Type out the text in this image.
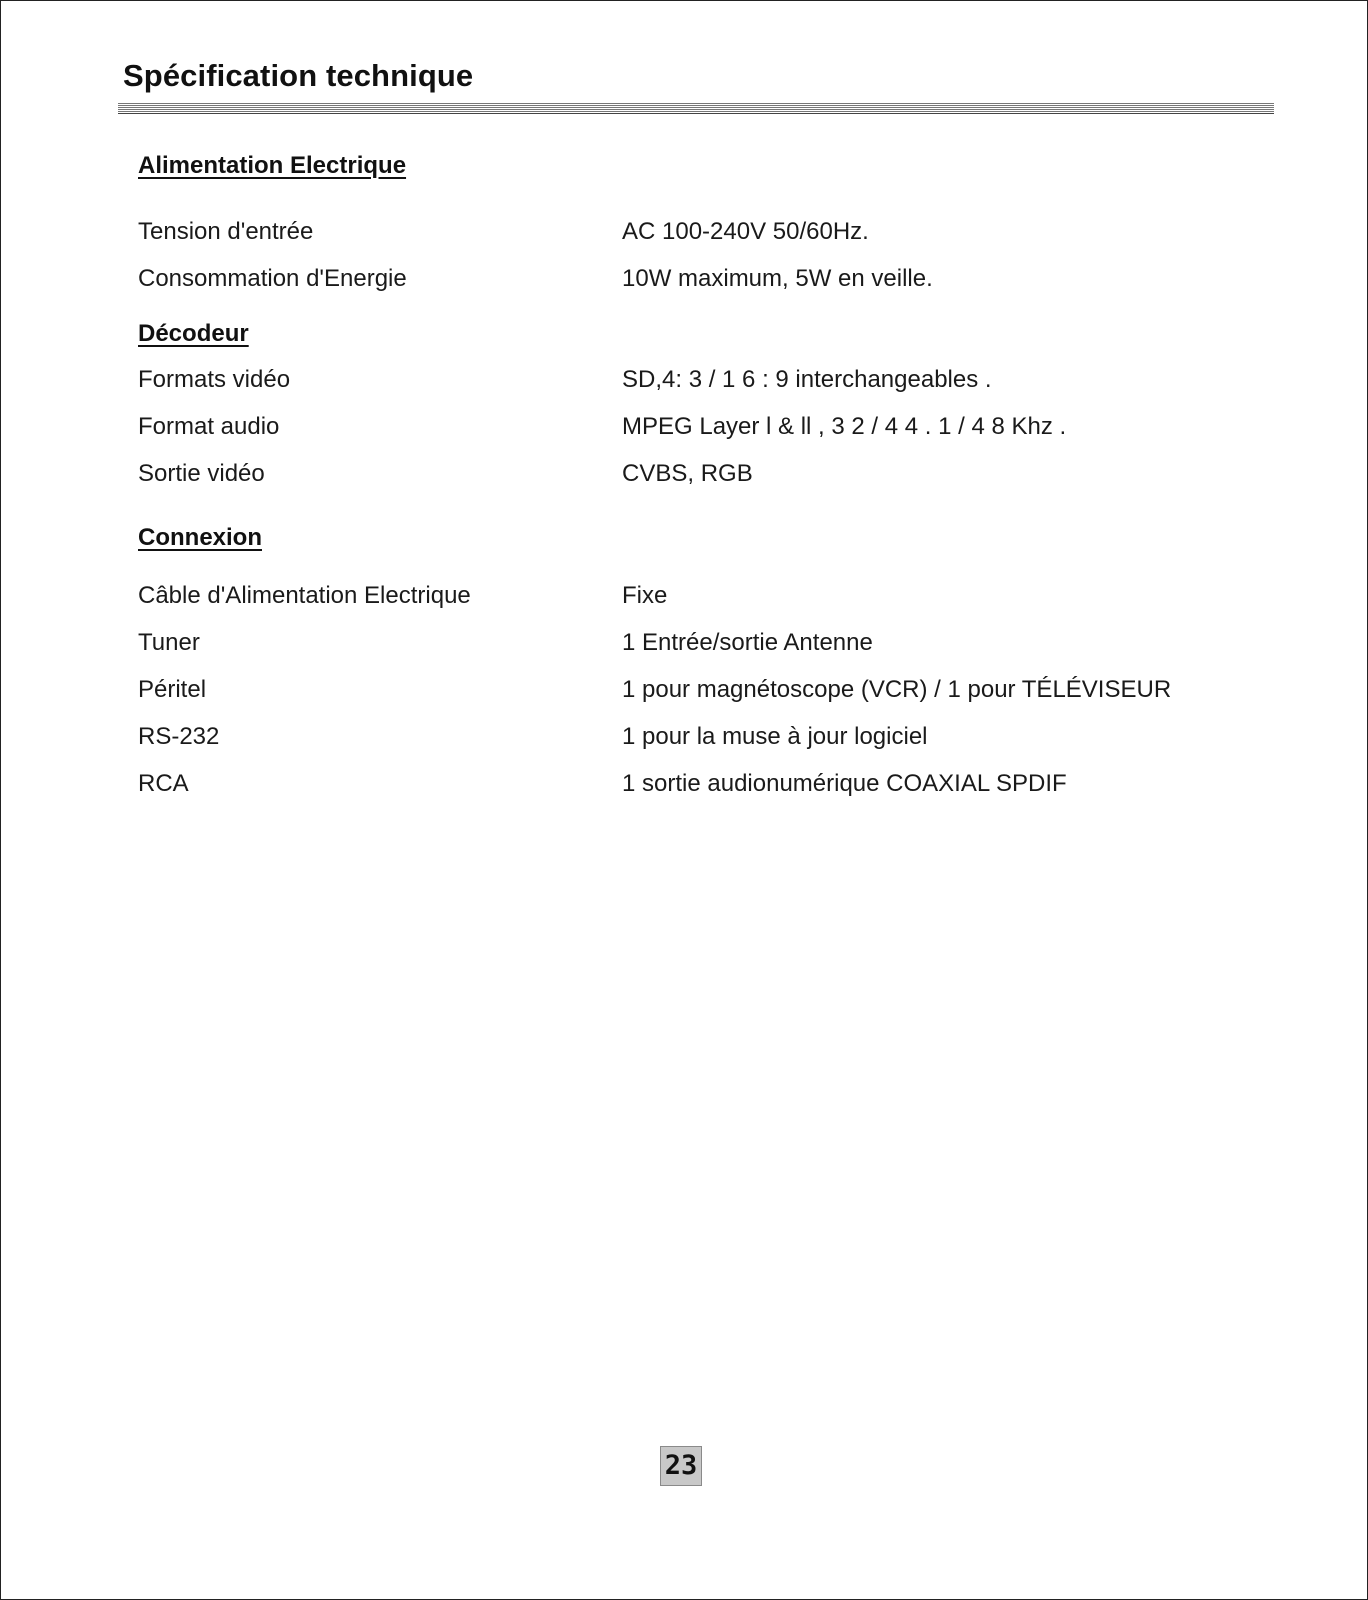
Spécification technique
Alimentation Electrique
Tension d'entrée	AC 100-240V 50/60Hz.
Consommation d'Energie	10W maximum, 5W en veille.
Décodeur
Formats vidéo	SD,4: 3 / 1 6 : 9 interchangeables .
Format audio	MPEG Layer l & ll , 3 2 / 4 4 . 1 / 4 8 Khz .
Sortie vidéo	CVBS, RGB
Connexion
Câble d'Alimentation Electrique	Fixe
Tuner	1 Entrée/sortie Antenne
Péritel	1 pour magnétoscope (VCR) / 1 pour TÉLÉVISEUR
RS-232	1 pour la muse à jour logiciel
RCA	1 sortie audionumérique COAXIAL SPDIF
23
